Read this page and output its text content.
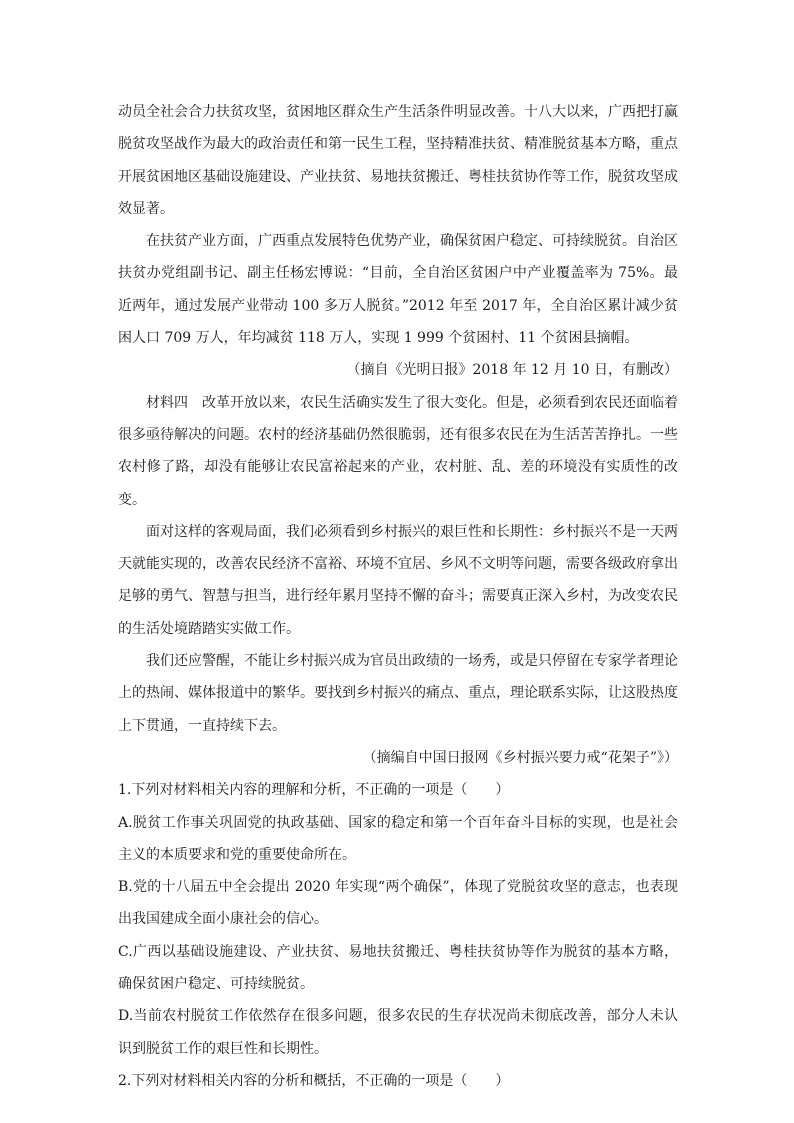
动员全社会合力扶贫攻坚，贫困地区群众生产生活条件明显改善。十八大以来，广西把打赢脱贫攻坚战作为最大的政治责任和第一民生工程，坚持精准扶贫、精准脱贫基本方略，重点开展贫困地区基础设施建设、产业扶贫、易地扶贫搬迁、粤桂扶贫协作等工作，脱贫攻坚成效显著。

在扶贫产业方面，广西重点发展特色优势产业，确保贫困户稳定、可持续脱贫。自治区扶贫办党组副书记、副主任杨宏博说：“目前，全自治区贫困户中产业覆盖率为 75%。最近两年，通过发展产业带动 100 多万人脱贫。”2012 年至 2017 年，全自治区累计减少贫困人口 709 万人，年均减贫 118 万人，实现 1 999 个贫困村、11 个贫困县摘帽。

（摘自《光明日报》2018 年 12 月 10 日，有删改）

材料四　改革开放以来，农民生活确实发生了很大变化。但是，必须看到农民还面临着很多亟待解决的问题。农村的经济基础仍然很脆弱，还有很多农民在为生活苦苦挣扎。一些农村修了路，却没有能够让农民富裕起来的产业，农村脏、乱、差的环境没有实质性的改变。

面对这样的客观局面，我们必须看到乡村振兴的艰巨性和长期性：乡村振兴不是一天两天就能实现的，改善农民经济不富裕、环境不宜居、乡风不文明等问题，需要各级政府拿出足够的勇气、智慧与担当，进行经年累月坚持不懈的奋斗；需要真正深入乡村，为改变农民的生活处境踏踏实实做工作。

我们还应警醒，不能让乡村振兴成为官员出政绩的一场秀，或是只停留在专家学者理论上的热闹、媒体报道中的繁华。要找到乡村振兴的痛点、重点，理论联系实际，让这股热度上下贯通，一直持续下去。

（摘编自中国日报网《乡村振兴要力戒“花架子”》）

1.下列对材料相关内容的理解和分析，不正确的一项是（　　）

A.脱贫工作事关巩固党的执政基础、国家的稳定和第一个百年奋斗目标的实现，也是社会主义的本质要求和党的重要使命所在。

B.党的十八届五中全会提出 2020 年实现“两个确保”，体现了党脱贫攻坚的意志，也表现出我国建成全面小康社会的信心。

C.广西以基础设施建设、产业扶贫、易地扶贫搬迁、粤桂扶贫协等作为脱贫的基本方略，确保贫困户稳定、可持续脱贫。

D.当前农村脱贫工作依然存在很多问题，很多农民的生存状况尚未彻底改善，部分人未认识到脱贫工作的艰巨性和长期性。

2.下列对材料相关内容的分析和概括，不正确的一项是（　　）
